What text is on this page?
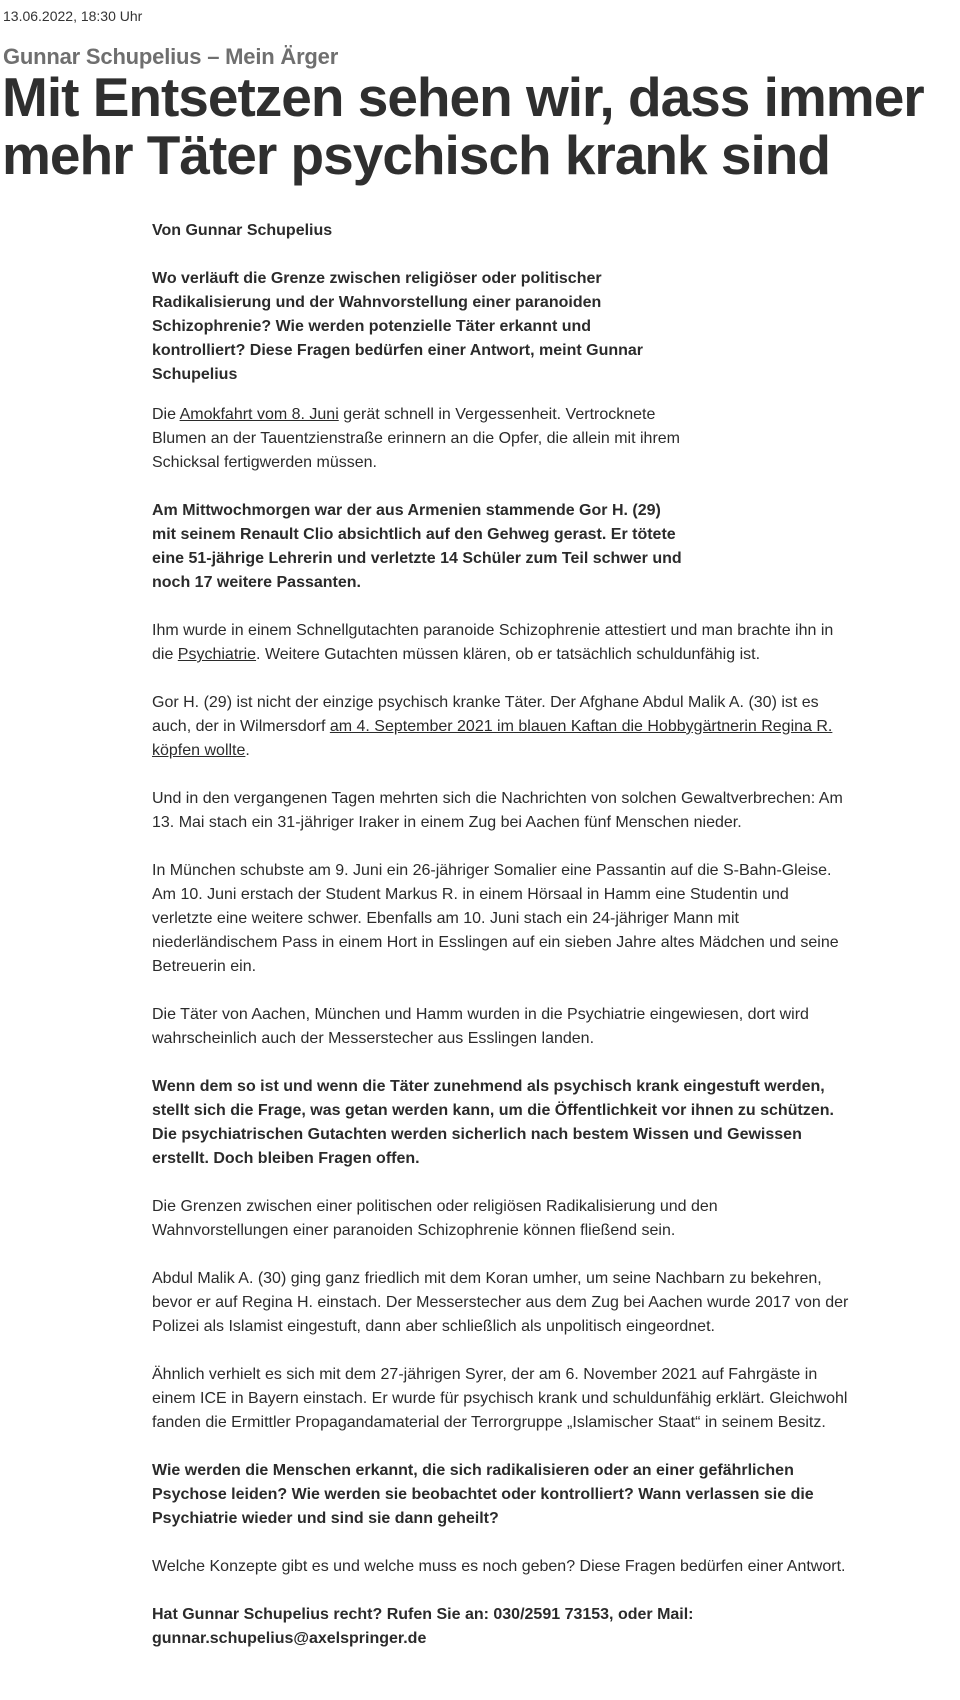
13.06.2022, 18:30 Uhr
Gunnar Schupelius – Mein Ärger
Mit Entsetzen sehen wir, dass immer mehr Täter psychisch krank sind

Von Gunnar Schupelius

Wo verläuft die Grenze zwischen religiöser oder politischer Radikalisierung und der Wahnvorstellung einer paranoiden Schizophrenie? Wie werden potenzielle Täter erkannt und kontrolliert? Diese Fragen bedürfen einer Antwort, meint Gunnar Schupelius

Die Amokfahrt vom 8. Juni gerät schnell in Vergessenheit. Vertrocknete Blumen an der Tauentzienstraße erinnern an die Opfer, die allein mit ihrem Schicksal fertigwerden müssen.

Am Mittwochmorgen war der aus Armenien stammende Gor H. (29) mit seinem Renault Clio absichtlich auf den Gehweg gerast. Er tötete eine 51-jährige Lehrerin und verletzte 14 Schüler zum Teil schwer und noch 17 weitere Passanten.

Ihm wurde in einem Schnellgutachten paranoide Schizophrenie attestiert und man brachte ihn in die Psychiatrie. Weitere Gutachten müssen klären, ob er tatsächlich schuldunfähig ist.

Gor H. (29) ist nicht der einzige psychisch kranke Täter. Der Afghane Abdul Malik A. (30) ist es auch, der in Wilmersdorf am 4. September 2021 im blauen Kaftan die Hobbygärtnerin Regina R. köpfen wollte.

Und in den vergangenen Tagen mehrten sich die Nachrichten von solchen Gewaltverbrechen: Am 13. Mai stach ein 31-jähriger Iraker in einem Zug bei Aachen fünf Menschen nieder.

In München schubste am 9. Juni ein 26-jähriger Somalier eine Passantin auf die S-Bahn-Gleise. Am 10. Juni erstach der Student Markus R. in einem Hörsaal in Hamm eine Studentin und verletzte eine weitere schwer. Ebenfalls am 10. Juni stach ein 24-jähriger Mann mit niederländischem Pass in einem Hort in Esslingen auf ein sieben Jahre altes Mädchen und seine Betreuerin ein.

Die Täter von Aachen, München und Hamm wurden in die Psychiatrie eingewiesen, dort wird wahrscheinlich auch der Messerstecher aus Esslingen landen.

Wenn dem so ist und wenn die Täter zunehmend als psychisch krank eingestuft werden, stellt sich die Frage, was getan werden kann, um die Öffentlichkeit vor ihnen zu schützen. Die psychiatrischen Gutachten werden sicherlich nach bestem Wissen und Gewissen erstellt. Doch bleiben Fragen offen.

Die Grenzen zwischen einer politischen oder religiösen Radikalisierung und den Wahnvorstellungen einer paranoiden Schizophrenie können fließend sein.

Abdul Malik A. (30) ging ganz friedlich mit dem Koran umher, um seine Nachbarn zu bekehren, bevor er auf Regina H. einstach. Der Messerstecher aus dem Zug bei Aachen wurde 2017 von der Polizei als Islamist eingestuft, dann aber schließlich als unpolitisch eingeordnet.

Ähnlich verhielt es sich mit dem 27-jährigen Syrer, der am 6. November 2021 auf Fahrgäste in einem ICE in Bayern einstach. Er wurde für psychisch krank und schuldunfähig erklärt. Gleichwohl fanden die Ermittler Propagandamaterial der Terrorgruppe „Islamischer Staat“ in seinem Besitz.

Wie werden die Menschen erkannt, die sich radikalisieren oder an einer gefährlichen Psychose leiden? Wie werden sie beobachtet oder kontrolliert? Wann verlassen sie die Psychiatrie wieder und sind sie dann geheilt?

Welche Konzepte gibt es und welche muss es noch geben? Diese Fragen bedürfen einer Antwort.

Hat Gunnar Schupelius recht? Rufen Sie an: 030/2591 73153, oder Mail: gunnar.schupelius@axelspringer.de
